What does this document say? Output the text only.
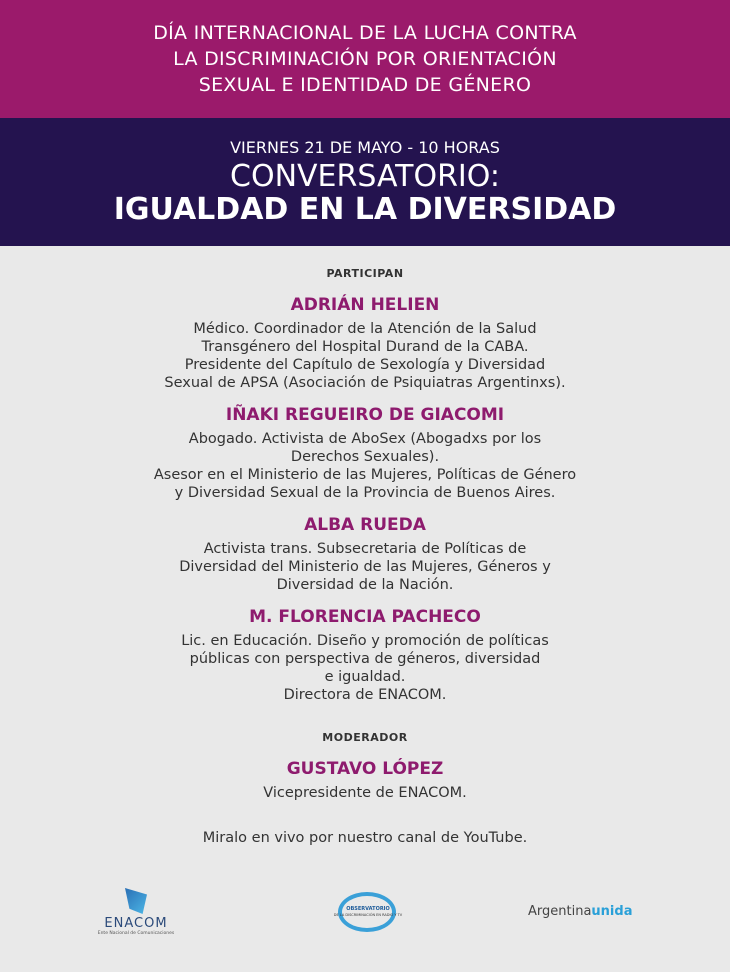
DÍA INTERNACIONAL DE LA LUCHA CONTRA
LA DISCRIMINACIÓN POR ORIENTACIÓN
SEXUAL E IDENTIDAD DE GÉNERO
VIERNES 21 DE MAYO - 10 HORAS
CONVERSATORIO:
IGUALDAD EN LA DIVERSIDAD
PARTICIPAN
ADRIÁN HELIEN
Médico. Coordinador de la Atención de la Salud
Transgénero del Hospital Durand de la CABA.
Presidente del Capítulo de Sexología y Diversidad
Sexual de APSA (Asociación de Psiquiatras Argentinxs).
IÑAKI REGUEIRO DE GIACOMI
Abogado. Activista de AboSex (Abogadxs por los
Derechos Sexuales).
Asesor en el Ministerio de las Mujeres, Políticas de Género
y Diversidad Sexual de la Provincia de Buenos Aires.
ALBA RUEDA
Activista trans. Subsecretaria de Políticas de
Diversidad del Ministerio de las Mujeres, Géneros y
Diversidad de la Nación.
M. FLORENCIA PACHECO
Lic. en Educación. Diseño y promoción de políticas
públicas con perspectiva de géneros, diversidad
e igualdad.
Directora de ENACOM.
MODERADOR
GUSTAVO LÓPEZ
Vicepresidente de ENACOM.
Miralo en vivo por nuestro canal de YouTube.
ENACOM
Ente Nacional de Comunicaciones
OBSERVATORIO
DE LA DISCRIMINACIÓN EN RADIO Y TV	Argentinaunida
